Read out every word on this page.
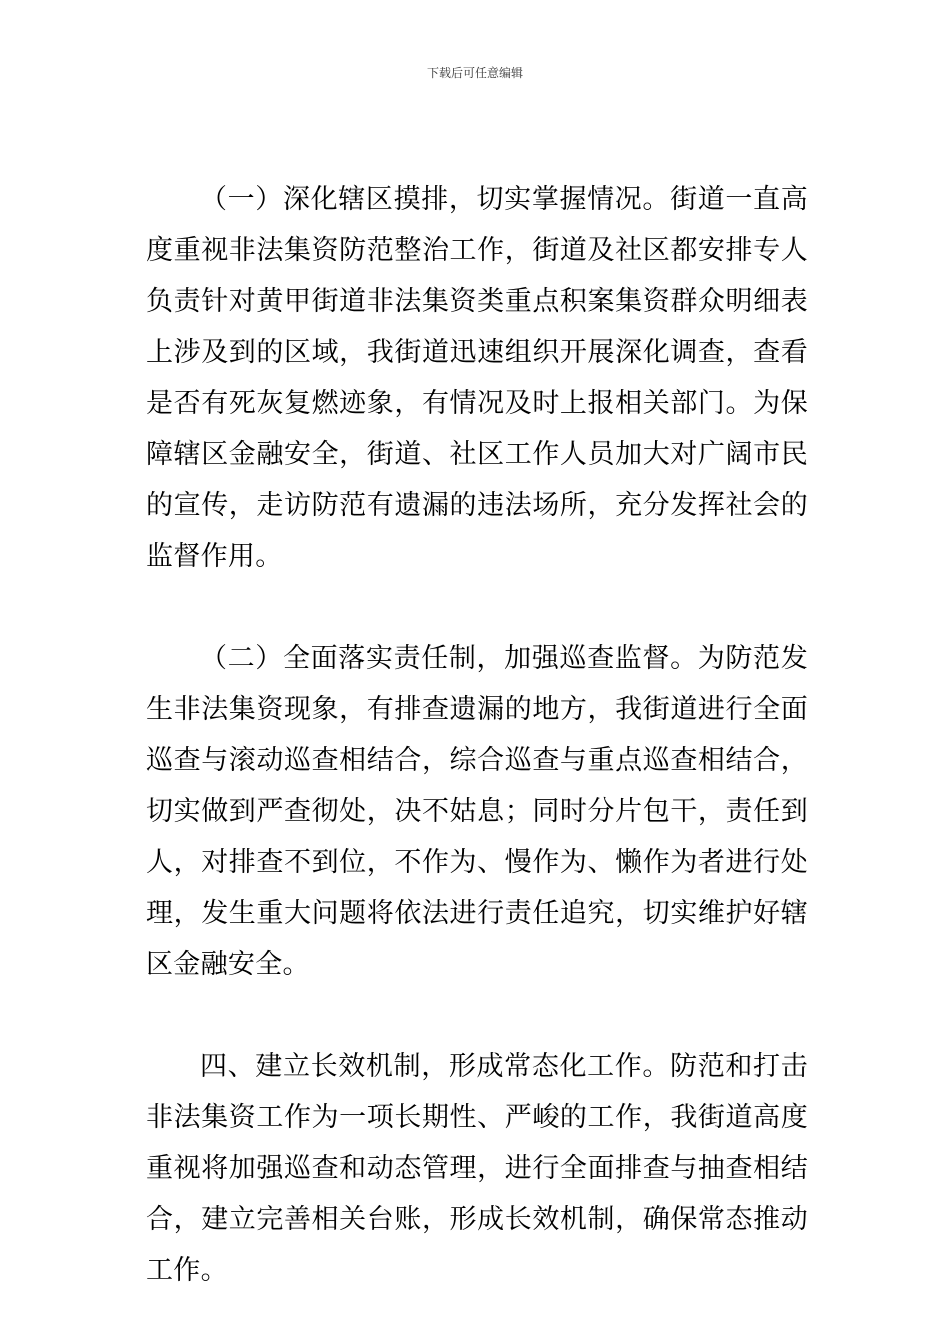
下载后可任意编辑

（一）深化辖区摸排，切实掌握情况。街道一直高度重视非法集资防范整治工作，街道及社区都安排专人负责针对黄甲街道非法集资类重点积案集资群众明细表上涉及到的区域，我街道迅速组织开展深化调查，查看是否有死灰复燃迹象，有情况及时上报相关部门。为保障辖区金融安全，街道、社区工作人员加大对广阔市民的宣传，走访防范有遗漏的违法场所，充分发挥社会的监督作用。

（二）全面落实责任制，加强巡查监督。为防范发生非法集资现象，有排查遗漏的地方，我街道进行全面巡查与滚动巡查相结合，综合巡查与重点巡查相结合，切实做到严查彻处，决不姑息；同时分片包干，责任到人，对排查不到位，不作为、慢作为、懒作为者进行处理，发生重大问题将依法进行责任追究，切实维护好辖区金融安全。

四、建立长效机制，形成常态化工作。防范和打击非法集资工作为一项长期性、严峻的工作，我街道高度重视将加强巡查和动态管理，进行全面排查与抽查相结合，建立完善相关台账，形成长效机制，确保常态推动工作。
